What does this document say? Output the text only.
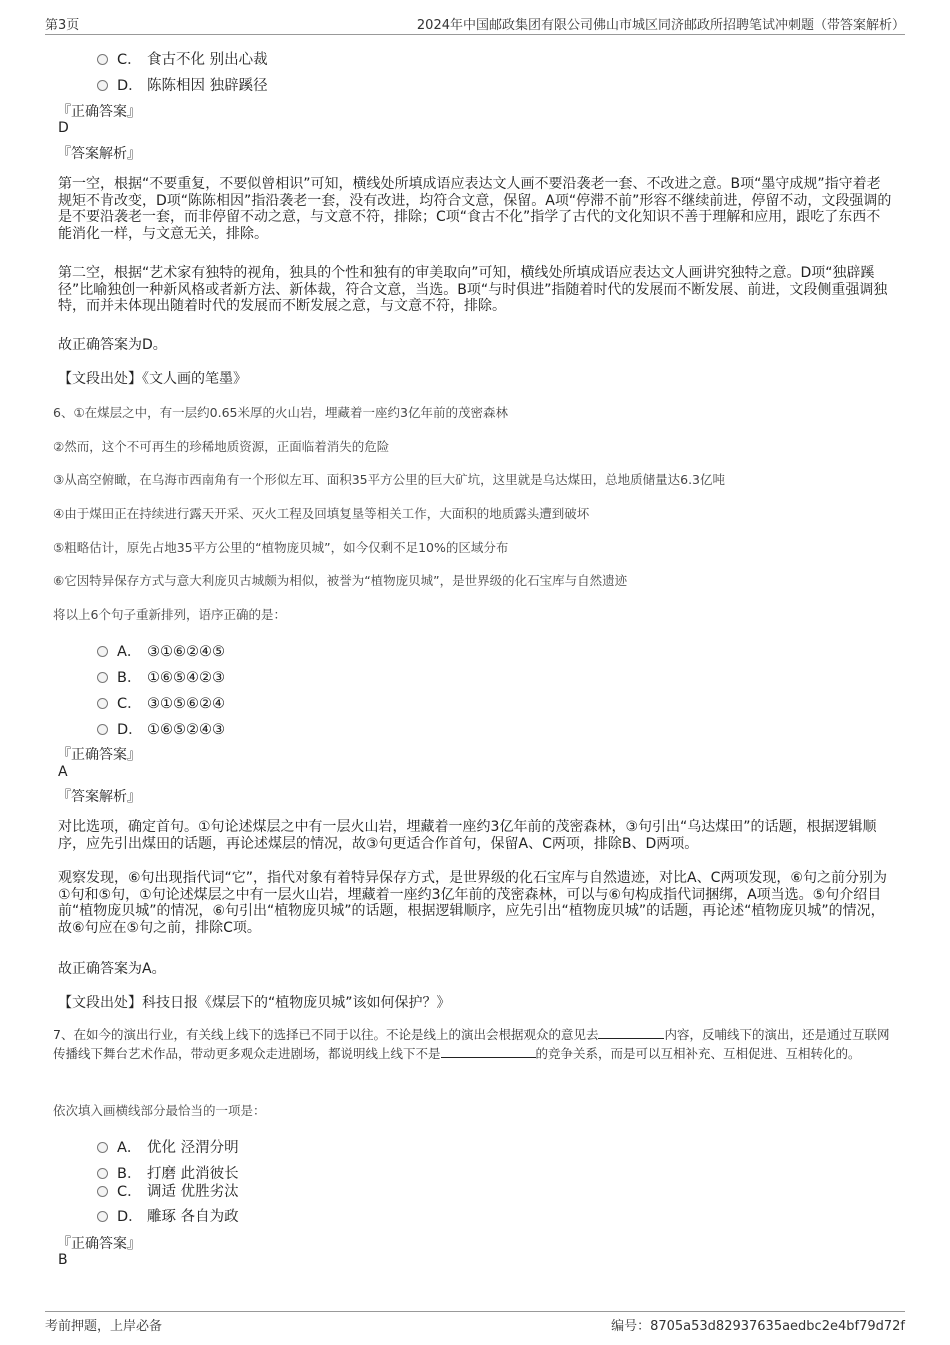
第3页	2024年中国邮政集团有限公司佛山市城区同济邮政所招聘笔试冲刺题（带答案解析）
C． 食古不化 别出心裁
D． 陈陈相因 独辟蹊径
『正确答案』
D
『答案解析』
第一空，根据“不要重复，不要似曾相识”可知，横线处所填成语应表达文人画不要沿袭老一套、不改进之意。B项“墨守成规”指守着老规矩不肯改变，D项“陈陈相因”指沿袭老一套，没有改进，均符合文意，保留。A项“停滞不前”形容不继续前进，停留不动，文段强调的是不要沿袭老一套，而非停留不动之意，与文意不符，排除；C项“食古不化”指学了古代的文化知识不善于理解和应用，跟吃了东西不能消化一样，与文意无关，排除。
第二空，根据“艺术家有独特的视角，独具的个性和独有的审美取向”可知，横线处所填成语应表达文人画讲究独特之意。D项“独辟蹊径”比喻独创一种新风格或者新方法、新体裁，符合文意，当选。B项“与时俱进”指随着时代的发展而不断发展、前进，文段侧重强调独特，而并未体现出随着时代的发展而不断发展之意，与文意不符，排除。
故正确答案为D。
【文段出处】《文人画的笔墨》
6、①在煤层之中，有一层约0.65米厚的火山岩，埋藏着一座约3亿年前的茂密森林
②然而，这个不可再生的珍稀地质资源，正面临着消失的危险
③从高空俯瞰，在乌海市西南角有一个形似左耳、面积35平方公里的巨大矿坑，这里就是乌达煤田，总地质储量达6.3亿吨
④由于煤田正在持续进行露天开采、灭火工程及回填复垦等相关工作，大面积的地质露头遭到破坏
⑤粗略估计，原先占地35平方公里的“植物庞贝城”，如今仅剩不足10%的区域分布
⑥它因特异保存方式与意大利庞贝古城颇为相似，被誉为“植物庞贝城”，是世界级的化石宝库与自然遗迹
将以上6个句子重新排列，语序正确的是：
A． ③①⑥②④⑤
B． ①⑥⑤④②③
C． ③①⑤⑥②④
D． ①⑥⑤②④③
『正确答案』
A
『答案解析』
对比选项，确定首句。①句论述煤层之中有一层火山岩，埋藏着一座约3亿年前的茂密森林，③句引出“乌达煤田”的话题，根据逻辑顺序，应先引出煤田的话题，再论述煤层的情况，故③句更适合作首句，保留A、C两项，排除B、D两项。
观察发现，⑥句出现指代词“它”，指代对象有着特异保存方式，是世界级的化石宝库与自然遗迹，对比A、C两项发现，⑥句之前分别为①句和⑤句，①句论述煤层之中有一层火山岩，埋藏着一座约3亿年前的茂密森林，可以与⑥句构成指代词捆绑，A项当选。⑤句介绍目前“植物庞贝城”的情况，⑥句引出“植物庞贝城”的话题，根据逻辑顺序，应先引出“植物庞贝城”的话题，再论述“植物庞贝城”的情况，故⑥句应在⑤句之前，排除C项。
故正确答案为A。
【文段出处】科技日报《煤层下的“植物庞贝城”该如何保护？》
7、在如今的演出行业，有关线上线下的选择已不同于以往。不论是线上的演出会根据观众的意见去	内容，反哺线下的演出，还是通过互联网传播线下舞台艺术作品，带动更多观众走进剧场，都说明线上线下不是	的竞争关系，而是可以互相补充、互相促进、互相转化的。
依次填入画横线部分最恰当的一项是：
A． 优化 泾渭分明
B． 打磨 此消彼长
C． 调适 优胜劣汰
D． 雕琢 各自为政
『正确答案』
B
考前押题，上岸必备	编号：8705a53d82937635aedbc2e4bf79d72f
